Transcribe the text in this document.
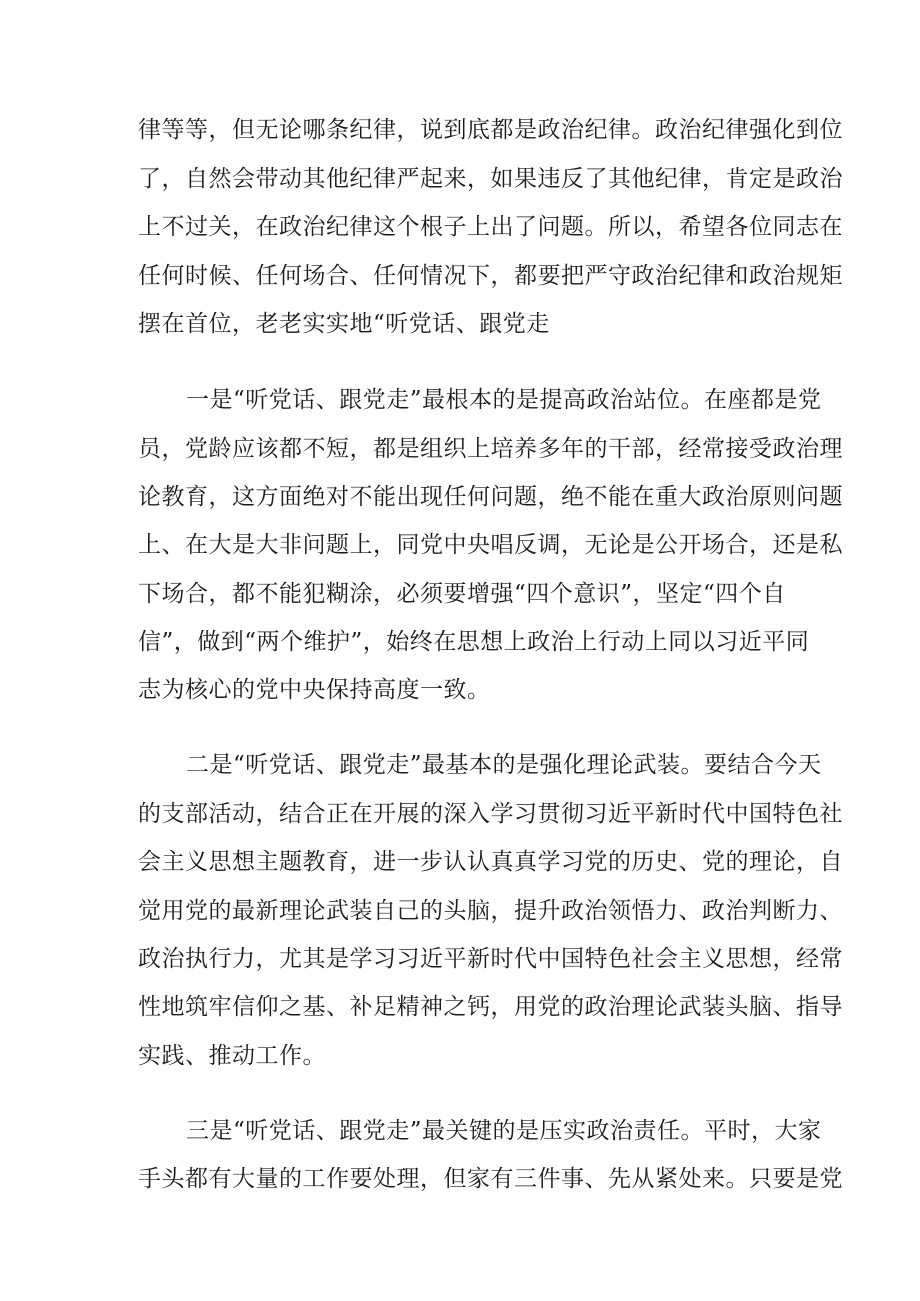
律等等，但无论哪条纪律，说到底都是政治纪律。政治纪律强化到位
了，自然会带动其他纪律严起来，如果违反了其他纪律，肯定是政治
上不过关，在政治纪律这个根子上出了问题。所以，希望各位同志在
任何时候、任何场合、任何情况下，都要把严守政治纪律和政治规矩
摆在首位，老老实实地“听党话、跟党走
一是“听党话、跟党走”最根本的是提高政治站位。在座都是党
员，党龄应该都不短，都是组织上培养多年的干部，经常接受政治理
论教育，这方面绝对不能出现任何问题，绝不能在重大政治原则问题
上、在大是大非问题上，同党中央唱反调，无论是公开场合，还是私
下场合，都不能犯糊涂，必须要增强“四个意识”，坚定“四个自
信”，做到“两个维护”，始终在思想上政治上行动上同以习近平同
志为核心的党中央保持高度一致。
二是“听党话、跟党走”最基本的是强化理论武装。要结合今天
的支部活动，结合正在开展的深入学习贯彻习近平新时代中国特色社
会主义思想主题教育，进一步认认真真学习党的历史、党的理论，自
觉用党的最新理论武装自己的头脑，提升政治领悟力、政治判断力、
政治执行力，尤其是学习习近平新时代中国特色社会主义思想，经常
性地筑牢信仰之基、补足精神之钙，用党的政治理论武装头脑、指导
实践、推动工作。
三是“听党话、跟党走”最关键的是压实政治责任。平时，大家
手头都有大量的工作要处理，但家有三件事、先从紧处来。只要是党
